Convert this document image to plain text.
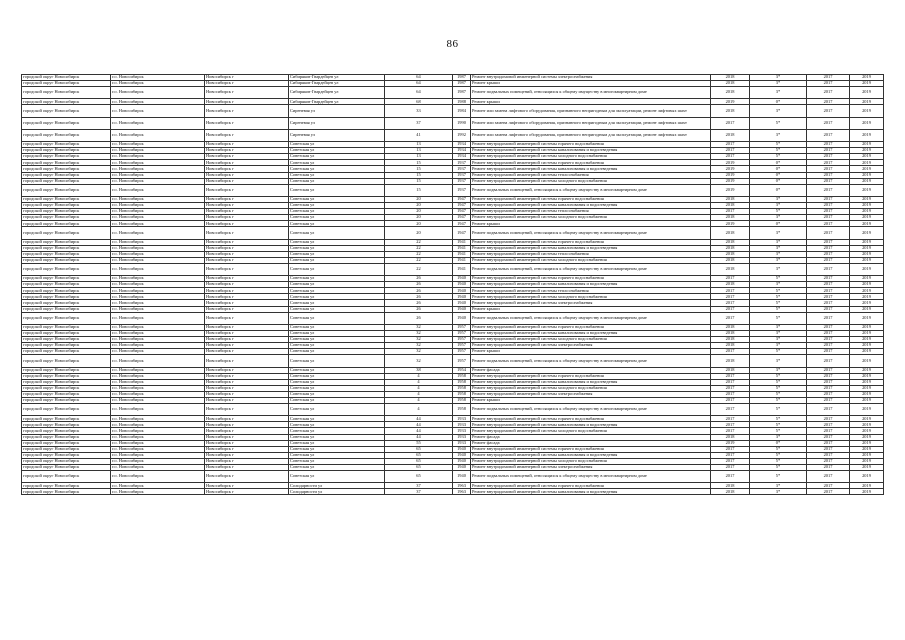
86
городской округ Новосибирск	г.о. Новосибирск	Новосибирск г	Сибиряков-Гвардейцев ул	64	1987	Ремонт внутридомовой инженерной системы электроснабжения	2018	3*	2017	2019
городской округ Новосибирск	г.о. Новосибирск	Новосибирск г	Сибиряков-Гвардейцев ул	64	1987	Ремонт крыши	2018	3*	2017	2019
городской округ Новосибирск	г.о. Новосибирск	Новосибирск г	Сибиряков-Гвардейцев ул	64	1987	Ремонт подвальных помещений, относящихся к общему имуществу в многоквартирном доме	2018	3*	2017	2019
городской округ Новосибирск	г.о. Новосибирск	Новосибирск г	Сибиряков-Гвардейцев ул	68	1988	Ремонт крыши	2019	0*	2017	2019
городской округ Новосибирск	г.о. Новосибирск	Новосибирск г	Сиреневая ул	33	1984	Ремонт или замена лифтового оборудования, признанного непригодным для эксплуатации, ремонт лифтовых шахт	2018	3*	2017	2019
городской округ Новосибирск	г.о. Новосибирск	Новосибирск г	Сиреневая ул	37	1990	Ремонт или замена лифтового оборудования, признанного непригодным для эксплуатации, ремонт лифтовых шахт	2017	5*	2017	2019
городской округ Новосибирск	г.о. Новосибирск	Новосибирск г	Сиреневая ул	41	1992	Ремонт или замена лифтового оборудования, признанного непригодным для эксплуатации, ремонт лифтовых шахт	2018	3*	2017	2019
городской округ Новосибирск	г.о. Новосибирск	Новосибирск г	Советская ул	13	1934	Ремонт внутридомовой инженерной системы горячего водоснабжения	2017	5*	2017	2019
городской округ Новосибирск	г.о. Новосибирск	Новосибирск г	Советская ул	13	1934	Ремонт внутридомовой инженерной системы канализования и водоотведения	2017	5*	2017	2019
городской округ Новосибирск	г.о. Новосибирск	Новосибирск г	Советская ул	13	1934	Ремонт внутридомовой инженерной системы холодного водоснабжения	2017	5*	2017	2019
городской округ Новосибирск	г.о. Новосибирск	Новосибирск г	Советская ул	15	1937	Ремонт внутридомовой инженерной системы горячего водоснабжения	2019	0*	2017	2019
городской округ Новосибирск	г.о. Новосибирск	Новосибирск г	Советская ул	15	1937	Ремонт внутридомовой инженерной системы канализования и водоотведения	2019	0*	2017	2019
городской округ Новосибирск	г.о. Новосибирск	Новосибирск г	Советская ул	15	1937	Ремонт внутридомовой инженерной системы теплоснабжения	2019	0*	2017	2019
городской округ Новосибирск	г.о. Новосибирск	Новосибирск г	Советская ул	15	1937	Ремонт внутридомовой инженерной системы холодного водоснабжения	2019	0*	2017	2019
городской округ Новосибирск	г.о. Новосибирск	Новосибирск г	Советская ул	15	1937	Ремонт подвальных помещений, относящихся к общему имуществу в многоквартирном доме	2019	0*	2017	2019
городской округ Новосибирск	г.о. Новосибирск	Новосибирск г	Советская ул	20	1947	Ремонт внутридомовой инженерной системы горячего водоснабжения	2018	3*	2017	2019
городской округ Новосибирск	г.о. Новосибирск	Новосибирск г	Советская ул	20	1947	Ремонт внутридомовой инженерной системы канализования и водоотведения	2018	3*	2017	2019
городской округ Новосибирск	г.о. Новосибирск	Новосибирск г	Советская ул	20	1947	Ремонт внутридомовой инженерной системы теплоснабжения	2017	5*	2017	2019
городской округ Новосибирск	г.о. Новосибирск	Новосибирск г	Советская ул	20	1947	Ремонт внутридомовой инженерной системы холодного водоснабжения	2018	3*	2017	2019
городской округ Новосибирск	г.о. Новосибирск	Новосибирск г	Советская ул	20	1947	Ремонт крыши	2019	0*	2017	2019
городской округ Новосибирск	г.о. Новосибирск	Новосибирск г	Советская ул	20	1947	Ремонт подвальных помещений, относящихся к общему имуществу в многоквартирном доме	2018	3*	2017	2019
городской округ Новосибирск	г.о. Новосибирск	Новосибирск г	Советская ул	22	1941	Ремонт внутридомовой инженерной системы горячего водоснабжения	2018	3*	2017	2019
городской округ Новосибирск	г.о. Новосибирск	Новосибирск г	Советская ул	22	1941	Ремонт внутридомовой инженерной системы канализования и водоотведения	2018	3*	2017	2019
городской округ Новосибирск	г.о. Новосибирск	Новосибирск г	Советская ул	22	1941	Ремонт внутридомовой инженерной системы теплоснабжения	2018	3*	2017	2019
городской округ Новосибирск	г.о. Новосибирск	Новосибирск г	Советская ул	22	1941	Ремонт внутридомовой инженерной системы холодного водоснабжения	2018	3*	2017	2019
городской округ Новосибирск	г.о. Новосибирск	Новосибирск г	Советская ул	22	1941	Ремонт подвальных помещений, относящихся к общему имуществу в многоквартирном доме	2018	3*	2017	2019
городской округ Новосибирск	г.о. Новосибирск	Новосибирск г	Советская ул	26	1940	Ремонт внутридомовой инженерной системы горячего водоснабжения	2017	5*	2017	2019
городской округ Новосибирск	г.о. Новосибирск	Новосибирск г	Советская ул	26	1940	Ремонт внутридомовой инженерной системы канализования и водоотведения	2018	3*	2017	2019
городской округ Новосибирск	г.о. Новосибирск	Новосибирск г	Советская ул	26	1940	Ремонт внутридомовой инженерной системы теплоснабжения	2017	5*	2017	2019
городской округ Новосибирск	г.о. Новосибирск	Новосибирск г	Советская ул	26	1940	Ремонт внутридомовой инженерной системы холодного водоснабжения	2017	5*	2017	2019
городской округ Новосибирск	г.о. Новосибирск	Новосибирск г	Советская ул	26	1940	Ремонт внутридомовой инженерной системы электроснабжения	2017	5*	2017	2019
городской округ Новосибирск	г.о. Новосибирск	Новосибирск г	Советская ул	26	1940	Ремонт крыши	2017	5*	2017	2019
городской округ Новосибирск	г.о. Новосибирск	Новосибирск г	Советская ул	26	1940	Ремонт подвальных помещений, относящихся к общему имуществу в многоквартирном доме	2017	5*	2017	2019
городской округ Новосибирск	г.о. Новосибирск	Новосибирск г	Советская ул	32	1957	Ремонт внутридомовой инженерной системы горячего водоснабжения	2018	3*	2017	2019
городской округ Новосибирск	г.о. Новосибирск	Новосибирск г	Советская ул	32	1957	Ремонт внутридомовой инженерной системы канализования и водоотведения	2018	3*	2017	2019
городской округ Новосибирск	г.о. Новосибирск	Новосибирск г	Советская ул	32	1957	Ремонт внутридомовой инженерной системы холодного водоснабжения	2018	3*	2017	2019
городской округ Новосибирск	г.о. Новосибирск	Новосибирск г	Советская ул	32	1957	Ремонт внутридомовой инженерной системы электроснабжения	2018	3*	2017	2019
городской округ Новосибирск	г.о. Новосибирск	Новосибирск г	Советская ул	32	1957	Ремонт крыши	2017	5*	2017	2019
городской округ Новосибирск	г.о. Новосибирск	Новосибирск г	Советская ул	32	1957	Ремонт подвальных помещений, относящихся к общему имуществу в многоквартирном доме	2018	3*	2017	2019
городской округ Новосибирск	г.о. Новосибирск	Новосибирск г	Советская ул	38	1954	Ремонт фасада	2018	3*	2017	2019
городской округ Новосибирск	г.о. Новосибирск	Новосибирск г	Советская ул	4	1958	Ремонт внутридомовой инженерной системы горячего водоснабжения	2017	5*	2017	2019
городской округ Новосибирск	г.о. Новосибирск	Новосибирск г	Советская ул	4	1958	Ремонт внутридомовой инженерной системы канализования и водоотведения	2017	5*	2017	2019
городской округ Новосибирск	г.о. Новосибирск	Новосибирск г	Советская ул	4	1958	Ремонт внутридомовой инженерной системы холодного водоснабжения	2017	5*	2017	2019
городской округ Новосибирск	г.о. Новосибирск	Новосибирск г	Советская ул	4	1958	Ремонт внутридомовой инженерной системы электроснабжения	2017	5*	2017	2019
городской округ Новосибирск	г.о. Новосибирск	Новосибирск г	Советская ул	4	1958	Ремонт крыши	2017	5*	2017	2019
городской округ Новосибирск	г.о. Новосибирск	Новосибирск г	Советская ул	4	1958	Ремонт подвальных помещений, относящихся к общему имуществу в многоквартирном доме	2017	5*	2017	2019
городской округ Новосибирск	г.о. Новосибирск	Новосибирск г	Советская ул	44	1933	Ремонт внутридомовой инженерной системы горячего водоснабжения	2017	5*	2017	2019
городской округ Новосибирск	г.о. Новосибирск	Новосибирск г	Советская ул	44	1933	Ремонт внутридомовой инженерной системы канализования и водоотведения	2017	5*	2017	2019
городской округ Новосибирск	г.о. Новосибирск	Новосибирск г	Советская ул	44	1933	Ремонт внутридомовой инженерной системы холодного водоснабжения	2017	5*	2017	2019
городской округ Новосибирск	г.о. Новосибирск	Новосибирск г	Советская ул	44	1933	Ремонт фасада	2018	3*	2017	2019
городской округ Новосибирск	г.о. Новосибирск	Новосибирск г	Советская ул	55	1933	Ремонт фасада	2019	0*	2017	2019
городской округ Новосибирск	г.о. Новосибирск	Новосибирск г	Советская ул	65	1940	Ремонт внутридомовой инженерной системы горячего водоснабжения	2017	5*	2017	2019
городской округ Новосибирск	г.о. Новосибирск	Новосибирск г	Советская ул	65	1940	Ремонт внутридомовой инженерной системы канализования и водоотведения	2017	5*	2017	2019
городской округ Новосибирск	г.о. Новосибирск	Новосибирск г	Советская ул	65	1940	Ремонт внутридомовой инженерной системы холодного водоснабжения	2017	5*	2017	2019
городской округ Новосибирск	г.о. Новосибирск	Новосибирск г	Советская ул	65	1940	Ремонт внутридомовой инженерной системы электроснабжения	2017	5*	2017	2019
городской округ Новосибирск	г.о. Новосибирск	Новосибирск г	Советская ул	65	1940	Ремонт подвальных помещений, относящихся к общему имуществу в многоквартирном доме	2017	5*	2017	2019
городской округ Новосибирск	г.о. Новосибирск	Новосибирск г	Солидарности ул	37	1963	Ремонт внутридомовой инженерной системы горячего водоснабжения	2018	3*	2017	2019
городской округ Новосибирск	г.о. Новосибирск	Новосибирск г	Солидарности ул	37	1963	Ремонт внутридомовой инженерной системы канализования и водоотведения	2018	3*	2017	2019
